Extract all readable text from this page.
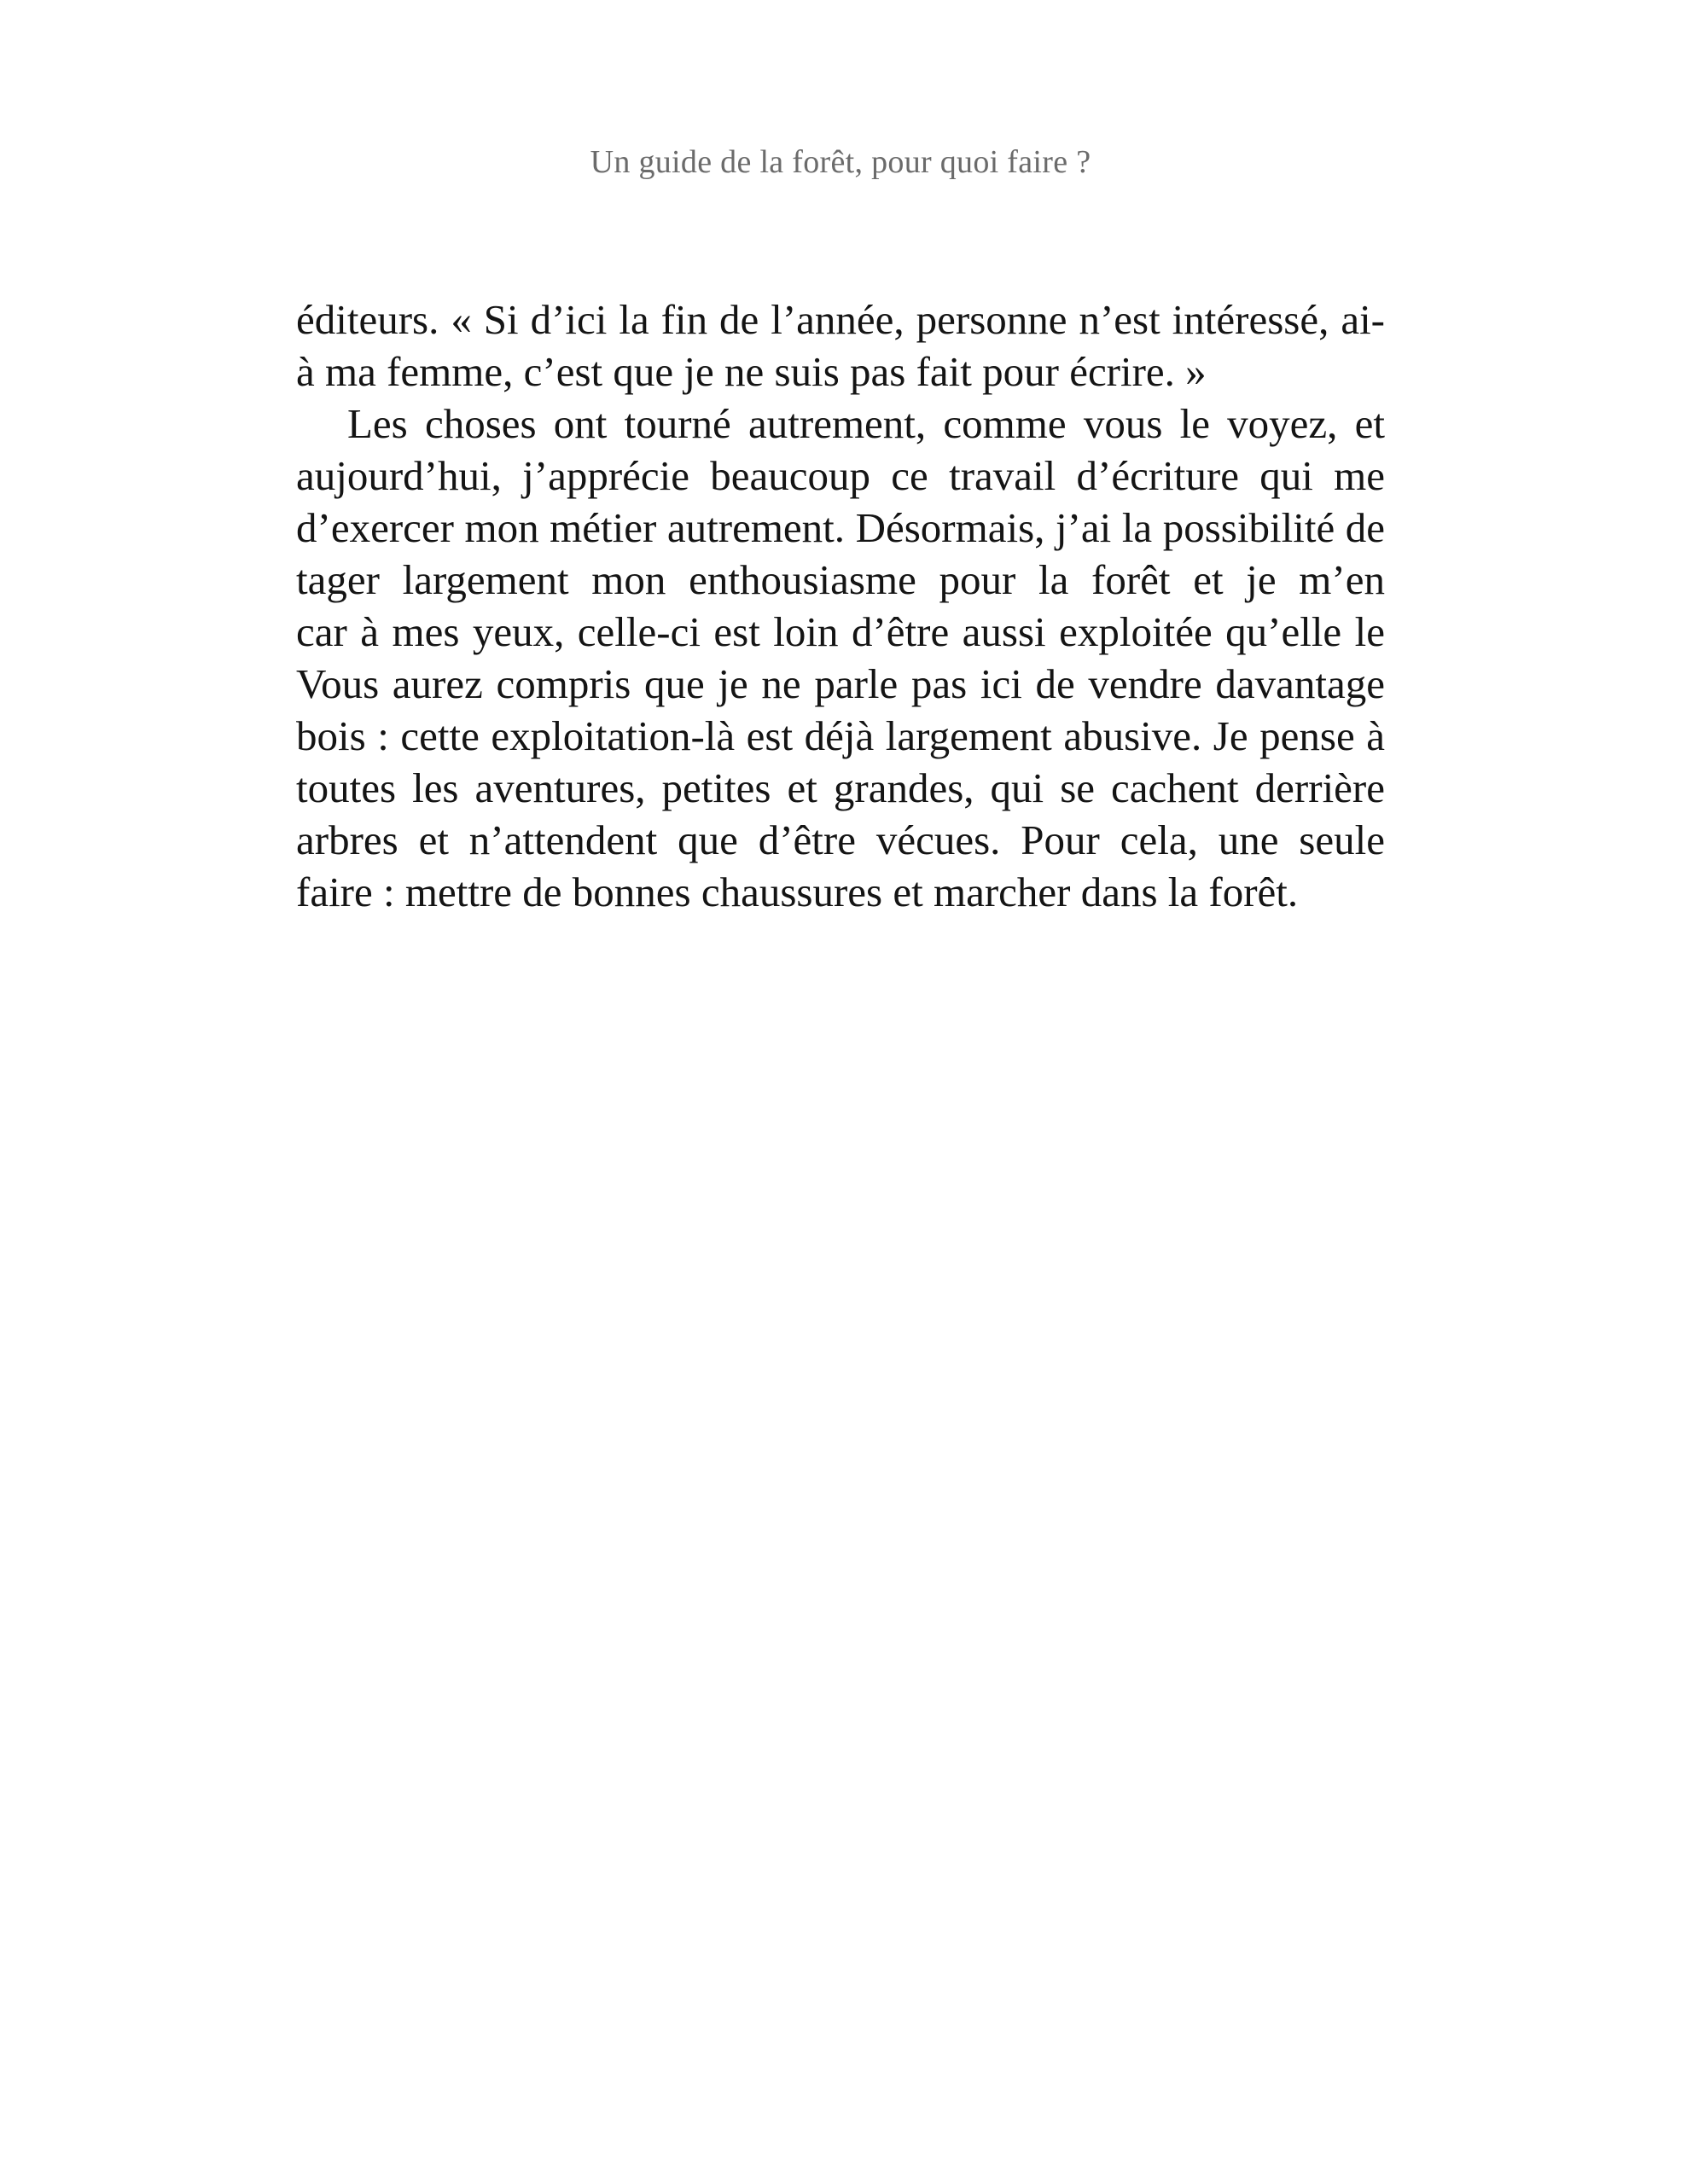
Un guide de la forêt, pour quoi faire ?
éditeurs. « Si d’ici la fin de l’année, personne n’est intéressé, ai-
à ma femme, c’est que je ne suis pas fait pour écrire. »
Les choses ont tourné autrement, comme vous le voyez, et
aujourd’hui, j’apprécie beaucoup ce travail d’écriture qui me
d’exercer mon métier autrement. Désormais, j’ai la possibilité de
tager largement mon enthousiasme pour la forêt et je m’en
car à mes yeux, celle-ci est loin d’être aussi exploitée qu’elle le
Vous aurez compris que je ne parle pas ici de vendre davantage
bois : cette exploitation-là est déjà largement abusive. Je pense à
toutes les aventures, petites et grandes, qui se cachent derrière
arbres et n’attendent que d’être vécues. Pour cela, une seule
faire : mettre de bonnes chaussures et marcher dans la forêt.
